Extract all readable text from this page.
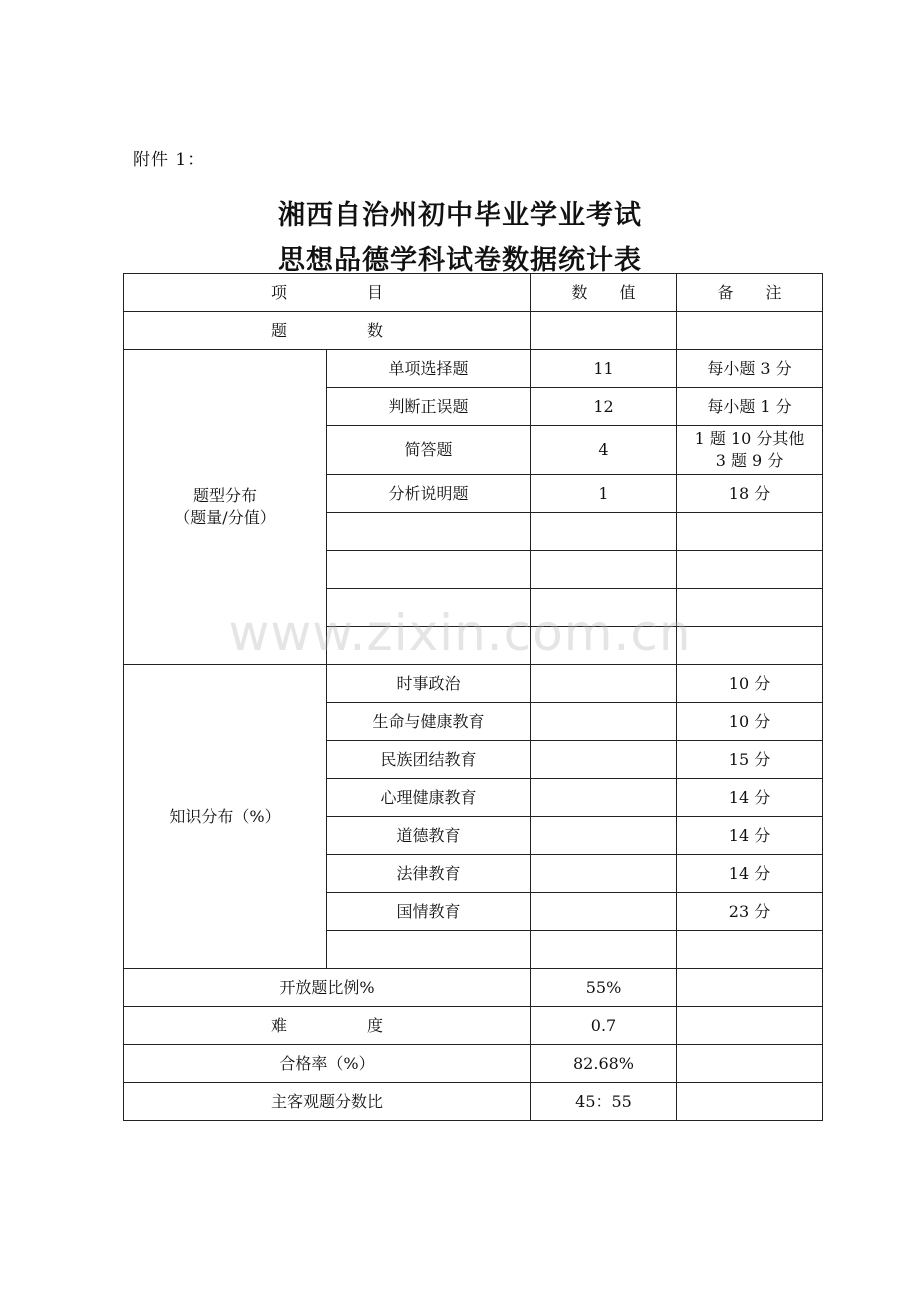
附件 1：
湘西自治州初中毕业学业考试
思想品德学科试卷数据统计表
项　　　　　目		数　　值	备　　注
题　　　　　数			

题型分布
（题量/分值）	单项选择题	11	每小题 3 分
	判断正误题	12	每小题 1 分
	简答题	4	1 题 10 分其他
3 题 9 分

	分析说明题	1	18 分

知识分布（%）	时事政治		10 分
	生命与健康教育		10 分
	民族团结教育		15 分
	心理健康教育		14 分
	道德教育		14 分
	法律教育		14 分
	国情教育		23 分

开放题比例%		55%	
难　　　　　度		0.7	
合格率（%）		82.68%	
主客观题分数比		45：55	
www.zixin.com.cn
